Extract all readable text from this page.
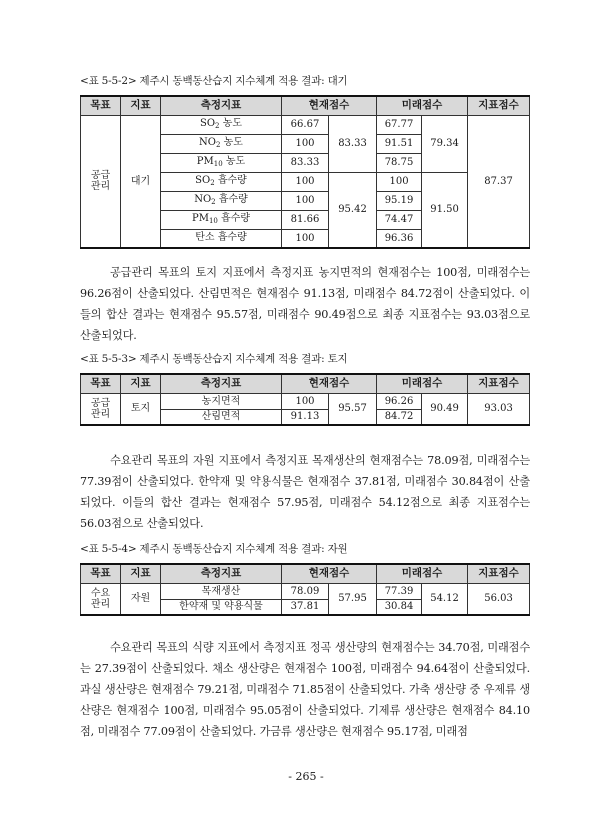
<표 5-5-2> 제주시 동백동산습지 지수체계 적용 결과: 대기
목표	지표	측정지표	현재점수		미래점수		지표점수
공급
관리	대기	$SO_2$ 농도	66.67	83.33	67.77	79.34	87.37
		$NO_2$ 농도	100		91.51		
		$PM_{10}$ 농도	83.33		78.75		
		$SO_2$ 흡수량	100	95.42	100	91.50	
		$NO_2$ 흡수량	100		95.19		
		$PM_{10}$ 흡수량	81.66		74.47		
		탄소 흡수량	100		96.36		

공급관리 목표의 토지 지표에서 측정지표 농지면적의 현재점수는 100점, 미래점수는 96.26점이 산출되었다. 산림면적은 현재점수 91.13점, 미래점수 84.72점이 산출되었다. 이들의 합산 결과는 현재점수 95.57점, 미래점수 90.49점으로 최종 지표점수는 93.03점으로 산출되었다.

<표 5-5-3> 제주시 동백동산습지 지수체계 적용 결과: 토지
목표	지표	측정지표	현재점수		미래점수		지표점수
공급
관리	토지	농지면적	100	95.57	96.26	90.49	93.03
		산림면적	91.13		84.72		

수요관리 목표의 자원 지표에서 측정지표 목재생산의 현재점수는 78.09점, 미래점수는 77.39점이 산출되었다. 한약재 및 약용식물은 현재점수 37.81점, 미래점수 30.84점이 산출되었다. 이들의 합산 결과는 현재점수 57.95점, 미래점수 54.12점으로 최종 지표점수는 56.03점으로 산출되었다.

<표 5-5-4> 제주시 동백동산습지 지수체계 적용 결과: 자원
목표	지표	측정지표	현재점수		미래점수		지표점수
수요
관리	자원	목재생산	78.09	57.95	77.39	54.12	56.03
		한약재 및 약용식물	37.81		30.84		

수요관리 목표의 식량 지표에서 측정지표 정곡 생산량의 현재점수는 34.70점, 미래점수는 27.39점이 산출되었다. 채소 생산량은 현재점수 100점, 미래점수 94.64점이 산출되었다. 과실 생산량은 현재점수 79.21점, 미래점수 71.85점이 산출되었다. 가축 생산량 중 우제류 생산량은 현재점수 100점, 미래점수 95.05점이 산출되었다. 기제류 생산량은 현재점수 84.10점, 미래점수 77.09점이 산출되었다. 가금류 생산량은 현재점수 95.17점, 미래점

- 265 -
